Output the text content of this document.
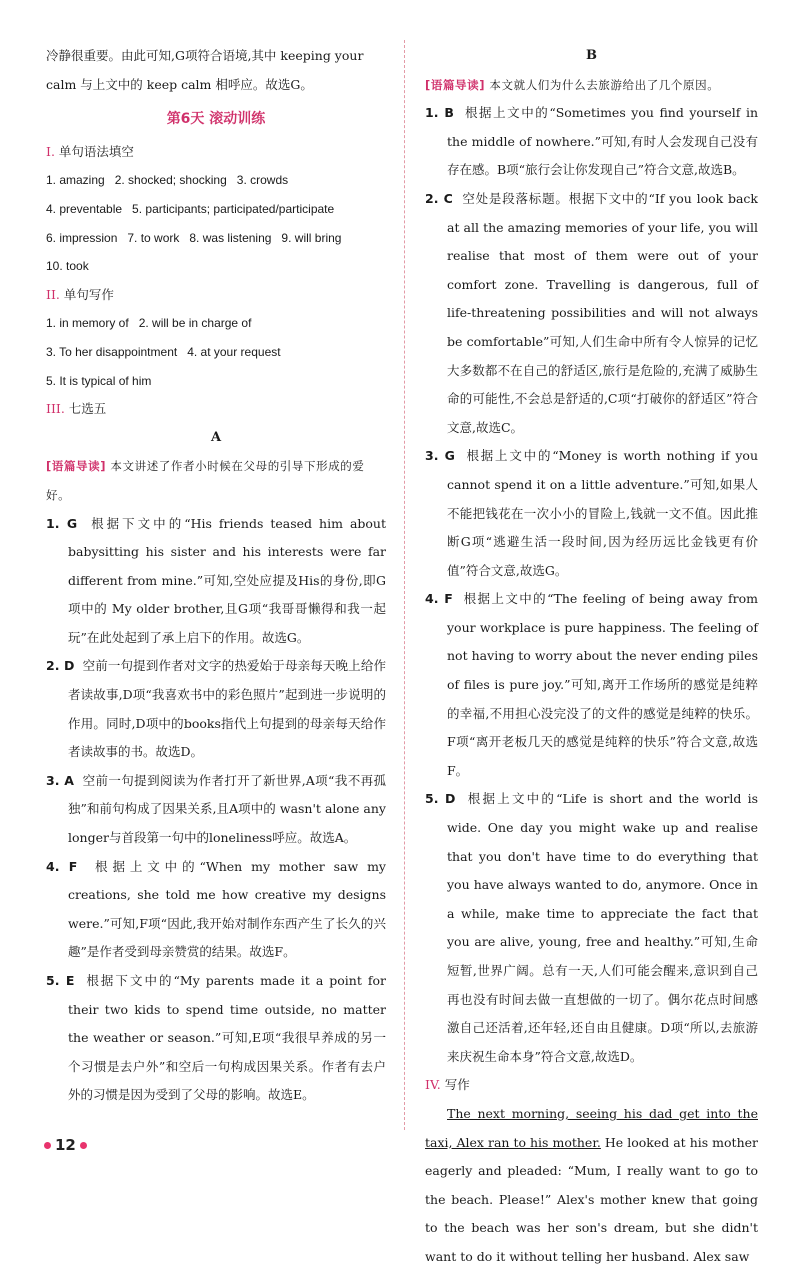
冷静很重要。由此可知,G项符合语境,其中 keeping your

calm 与上文中的 keep calm 相呼应。故选G。

第6天 滚动训练

I. 单句语法填空

1. amazing   2. shocked; shocking   3. crowds

4. preventable   5. participants; participated/participate

6. impression   7. to work   8. was listening   9. will bring

10. took

II. 单句写作

1. in memory of   2. will be in charge of

3. To her disappointment   4. at your request

5. It is typical of him

III. 七选五

A

[语篇导读] 本文讲述了作者小时候在父母的引导下形成的爱好。

1. G 根据下文中的“His friends teased him about babysitting his sister and his interests were far different from mine.”可知,空处应提及His的身份,即G项中的 My older brother,且G项“我哥哥懒得和我一起玩”在此处起到了承上启下的作用。故选G。

2. D 空前一句提到作者对文字的热爱始于母亲每天晚上给作者读故事,D项“我喜欢书中的彩色照片”起到进一步说明的作用。同时,D项中的books指代上句提到的母亲每天给作者读故事的书。故选D。

3. A 空前一句提到阅读为作者打开了新世界,A项“我不再孤独”和前句构成了因果关系,且A项中的 wasn't alone any longer与首段第一句中的loneliness呼应。故选A。

4. F 根据上文中的“When my mother saw my creations, she told me how creative my designs were.”可知,F项“因此,我开始对制作东西产生了长久的兴趣”是作者受到母亲赞赏的结果。故选F。

5. E 根据下文中的“My parents made it a point for their two kids to spend time outside, no matter the weather or season.”可知,E项“我很早养成的另一个习惯是去户外”和空后一句构成因果关系。作者有去户外的习惯是因为受到了父母的影响。故选E。

B

[语篇导读] 本文就人们为什么去旅游给出了几个原因。

1. B 根据上文中的“Sometimes you find yourself in the middle of nowhere.”可知,有时人会发现自己没有存在感。B项“旅行会让你发现自己”符合文意,故选B。

2. C 空处是段落标题。根据下文中的“If you look back at all the amazing memories of your life, you will realise that most of them were out of your comfort zone. Travelling is dangerous, full of life-threatening possibilities and will not always be comfortable”可知,人们生命中所有令人惊异的记忆大多数都不在自己的舒适区,旅行是危险的,充满了威胁生命的可能性,不会总是舒适的,C项“打破你的舒适区”符合文意,故选C。

3. G 根据上文中的“Money is worth nothing if you cannot spend it on a little adventure.”可知,如果人不能把钱花在一次小小的冒险上,钱就一文不值。因此推断G项“逃避生活一段时间,因为经历远比金钱更有价值”符合文意,故选G。

4. F 根据上文中的“The feeling of being away from your workplace is pure happiness. The feeling of not having to worry about the never ending piles of files is pure joy.”可知,离开工作场所的感觉是纯粹的幸福,不用担心没完没了的文件的感觉是纯粹的快乐。F项“离开老板几天的感觉是纯粹的快乐”符合文意,故选F。

5. D 根据上文中的“Life is short and the world is wide. One day you might wake up and realise that you don't have time to do everything that you have always wanted to do, anymore. Once in a while, make time to appreciate the fact that you are alive, young, free and healthy.”可知,生命短暂,世界广阔。总有一天,人们可能会醒来,意识到自己再也没有时间去做一直想做的一切了。偶尔花点时间感激自己还活着,还年轻,还自由且健康。D项“所以,去旅游来庆祝生命本身”符合文意,故选D。

IV. 写作

The next morning, seeing his dad get into the taxi, Alex ran to his mother. He looked at his mother eagerly and pleaded: “Mum, I really want to go to the beach. Please!” Alex's mother knew that going to the beach was her son's dream, but she didn't want to do it without telling her husband. Alex saw

12
